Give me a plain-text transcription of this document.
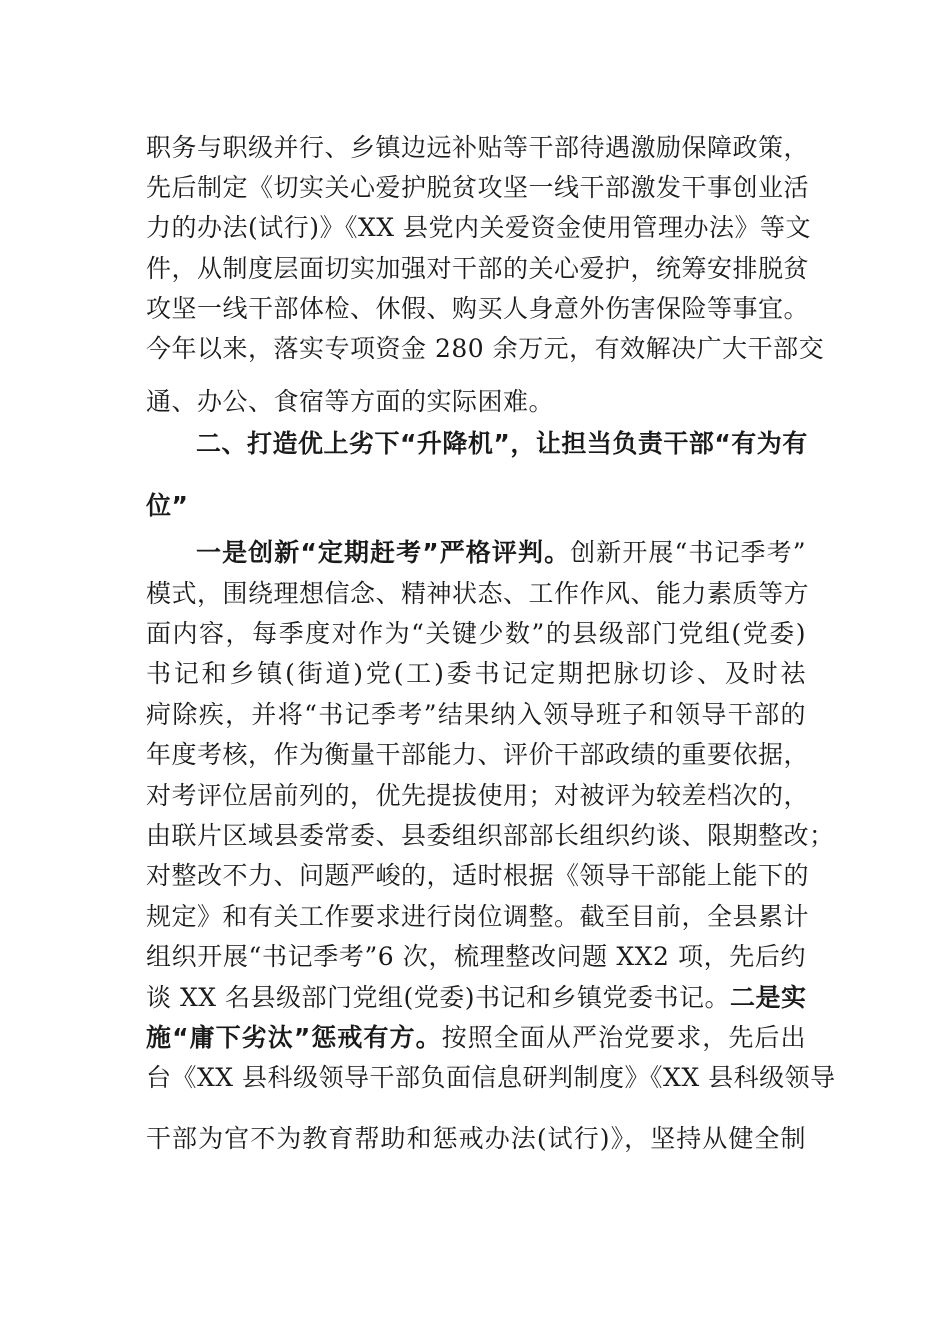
职务与职级并行、乡镇边远补贴等干部待遇激励保障政策，
先后制定《切实关心爱护脱贫攻坚一线干部激发干事创业活
力的办法(试行)》《XX 县党内关爱资金使用管理办法》等文
件，从制度层面切实加强对干部的关心爱护，统筹安排脱贫
攻坚一线干部体检、休假、购买人身意外伤害保险等事宜。
今年以来，落实专项资金 280 余万元，有效解决广大干部交
通、办公、食宿等方面的实际困难。
二、打造优上劣下“升降机”，让担当负责干部“有为有
位”
一是创新“定期赶考”严格评判。创新开展“书记季考”
模式，围绕理想信念、精神状态、工作作风、能力素质等方
面内容，每季度对作为“关键少数”的县级部门党组(党委)
书记和乡镇(街道)党(工)委书记定期把脉切诊、及时祛
疴除疾，并将“书记季考”结果纳入领导班子和领导干部的
年度考核，作为衡量干部能力、评价干部政绩的重要依据，
对考评位居前列的，优先提拔使用；对被评为较差档次的，
由联片区域县委常委、县委组织部部长组织约谈、限期整改；
对整改不力、问题严峻的，适时根据《领导干部能上能下的
规定》和有关工作要求进行岗位调整。截至目前，全县累计
组织开展“书记季考”6 次，梳理整改问题 XX2 项，先后约
谈 XX 名县级部门党组(党委)书记和乡镇党委书记。二是实
施“庸下劣汰”惩戒有方。按照全面从严治党要求，先后出
台《XX 县科级领导干部负面信息研判制度》《XX 县科级领导
干部为官不为教育帮助和惩戒办法(试行)》，坚持从健全制
